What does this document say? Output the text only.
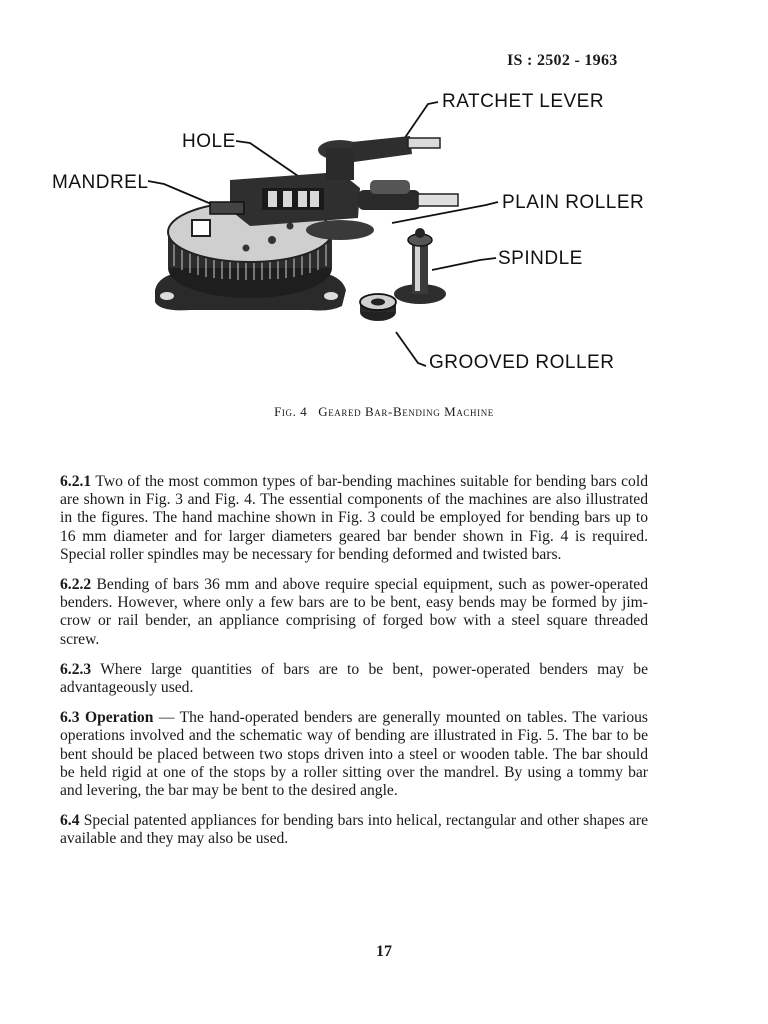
IS : 2502 - 1963
RATCHET LEVER
HOLE
MANDREL
PLAIN ROLLER
SPINDLE
GROOVED ROLLER
Fig. 4 Geared Bar-Bending Machine

6.2.1 Two of the most common types of bar-bending machines suitable for bending bars cold are shown in Fig. 3 and Fig. 4. The essential components of the machines are also illustrated in the figures. The hand machine shown in Fig. 3 could be employed for bending bars up to 16 mm diameter and for larger diameters geared bar bender shown in Fig. 4 is required. Special roller spindles may be necessary for bending deformed and twisted bars.

6.2.2 Bending of bars 36 mm and above require special equipment, such as power-operated benders. However, where only a few bars are to be bent, easy bends may be formed by jim-crow or rail bender, an appliance comprising of forged bow with a steel square threaded screw.

6.2.3 Where large quantities of bars are to be bent, power-operated benders may be advantageously used.

6.3 Operation — The hand-operated benders are generally mounted on tables. The various operations involved and the schematic way of bending are illustrated in Fig. 5. The bar to be bent should be placed between two stops driven into a steel or wooden table. The bar should be held rigid at one of the stops by a roller sitting over the mandrel. By using a tommy bar and levering, the bar may be bent to the desired angle.

6.4 Special patented appliances for bending bars into helical, rectangular and other shapes are available and they may also be used.

17
